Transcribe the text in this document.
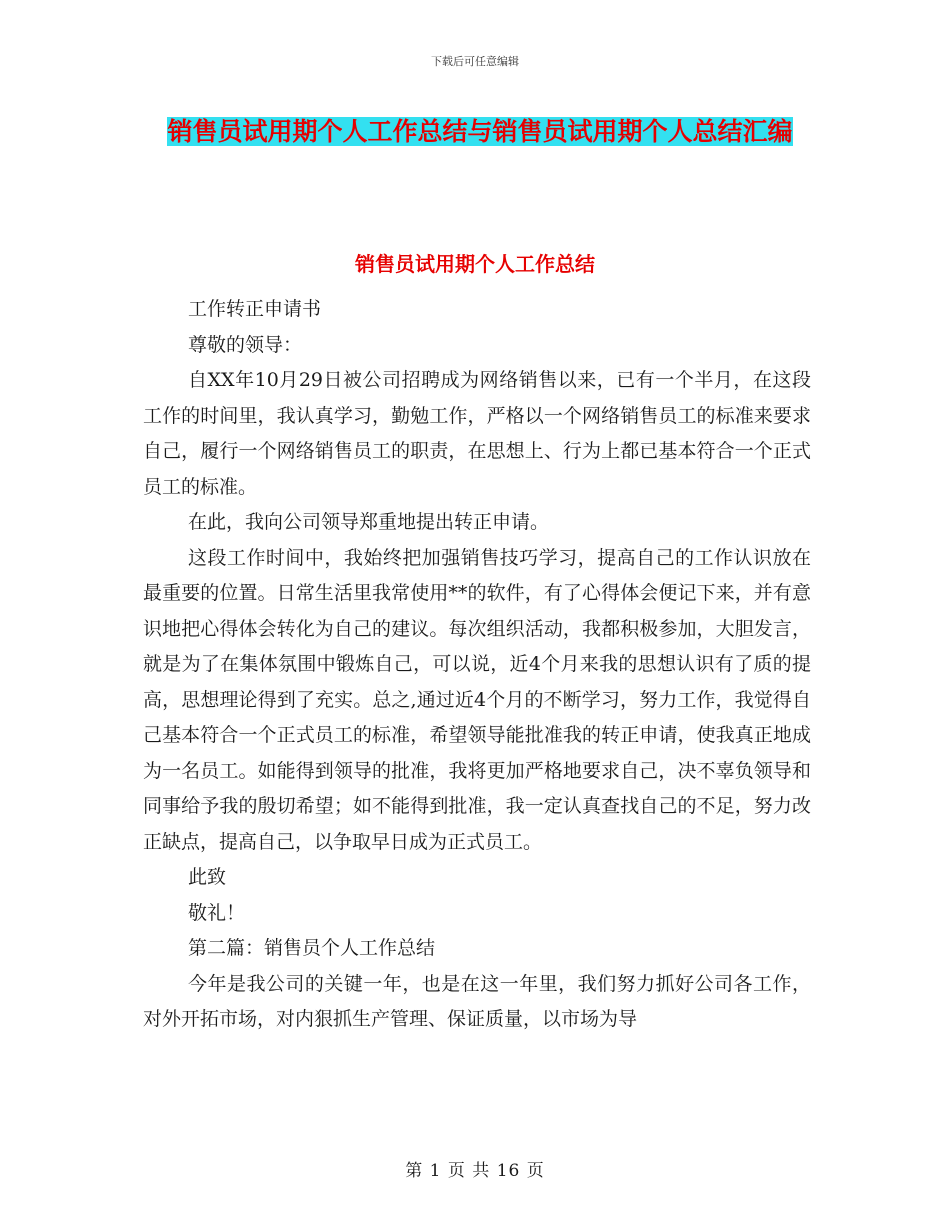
下载后可任意编辑
销售员试用期个人工作总结与销售员试用期个人总结汇编
销售员试用期个人工作总结

工作转正申请书

尊敬的领导：

自XX年10月29日被公司招聘成为网络销售以来，已有一个半月，在这段工作的时间里，我认真学习，勤勉工作，严格以一个网络销售员工的标准来要求自己，履行一个网络销售员工的职责，在思想上、行为上都已基本符合一个正式员工的标准。

在此，我向公司领导郑重地提出转正申请。

这段工作时间中，我始终把加强销售技巧学习，提高自己的工作认识放在最重要的位置。日常生活里我常使用**的软件，有了心得体会便记下来，并有意识地把心得体会转化为自己的建议。每次组织活动，我都积极参加，大胆发言，就是为了在集体氛围中锻炼自己，可以说，近4个月来我的思想认识有了质的提高，思想理论得到了充实。总之,通过近4个月的不断学习，努力工作，我觉得自己基本符合一个正式员工的标准，希望领导能批准我的转正申请，使我真正地成为一名员工。如能得到领导的批准，我将更加严格地要求自己，决不辜负领导和同事给予我的殷切希望；如不能得到批准，我一定认真查找自己的不足，努力改正缺点，提高自己，以争取早日成为正式员工。

此致

敬礼！

第二篇：销售员个人工作总结

今年是我公司的关键一年，也是在这一年里，我们努力抓好公司各工作，对外开拓市场，对内狠抓生产管理、保证质量，以市场为导

第 1 页 共 16 页
